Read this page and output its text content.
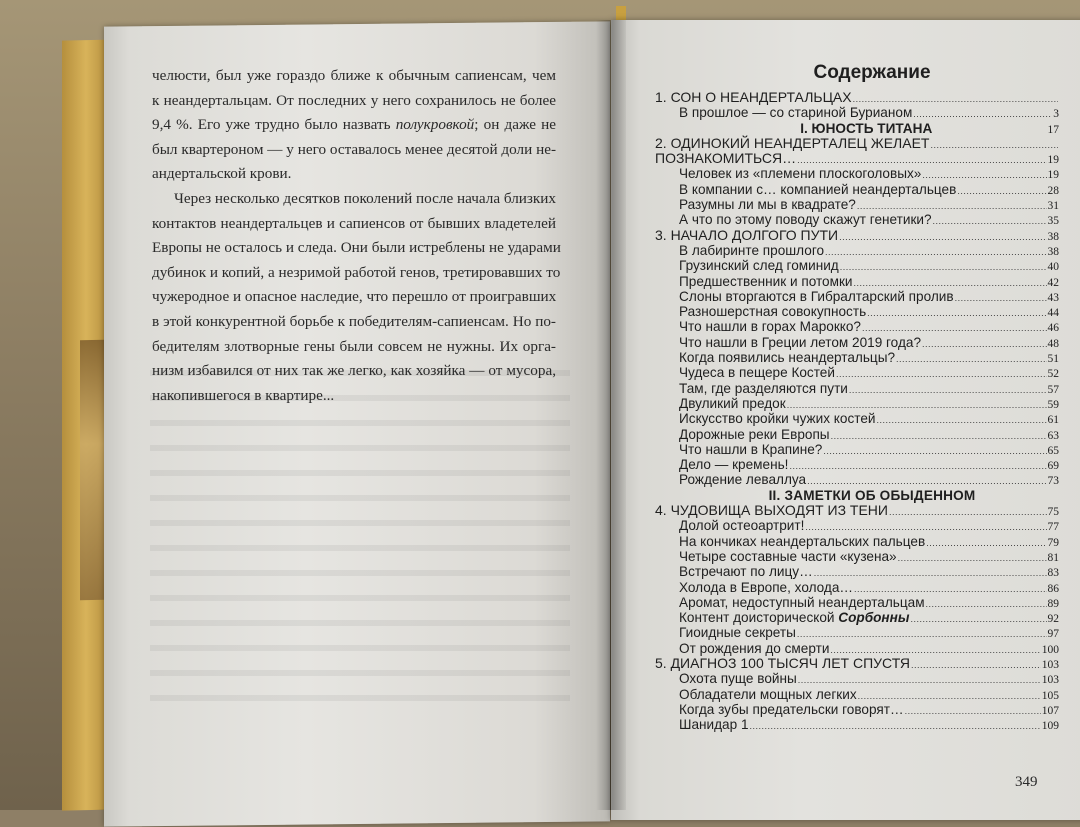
челюсти, был уже гораздо ближе к обычным сапиенсам, чем
к неандертальцам. От последних у него сохранилось не более
9,4 %. Его уже трудно было назвать полукровкой; он даже не
был квартероном — у него оставалось менее десятой доли не-
андертальской крови.
Через несколько десятков поколений после начала близких
контактов неандертальцев и сапиенсов от бывших владетелей
Европы не осталось и следа. Они были истреблены не ударами
дубинок и копий, а незримой работой генов, третировавших то
чужеродное и опасное наследие, что перешло от проигравших
в этой конкурентной борьбе к победителям-сапиенсам. Но по-
бедителям злотворные гены были совсем не нужны. Их орга-
низм избавился от них так же легко, как хозяйка — от мусора,
накопившегося в квартире...
Содержание
1. СОН О НЕАНДЕРТАЛЬЦАХ
.....
В прошлое — со стариной Бурианом .....	3
I. ЮНОСТЬ ТИТАНА	17
2. ОДИНОКИЙ НЕАНДЕРТАЛЕЦ ЖЕЛАЕТ
.....
ПОЗНАКОМИТЬСЯ… .....	19
Человек из «племени плоскоголовых» .....	19
В компании с… компанией неандертальцев .....	28
Разумны ли мы в квадрате? .....	31
А что по этому поводу скажут генетики? .....	35
3. НАЧАЛО ДОЛГОГО ПУТИ .....	38
В лабиринте прошлого .....	38
Грузинский след гоминид .....	40
Предшественник и потомки .....	42
Слоны вторгаются в Гибралтарский пролив .....	43
Разношерстная совокупность .....	44
Что нашли в горах Марокко? .....	46
Что нашли в Греции летом 2019 года? .....	48
Когда появились неандертальцы? .....	51
Чудеса в пещере Костей .....	52
Там, где разделяются пути .....	57
Двуликий предок .....	59
Искусство кройки чужих костей .....	61
Дорожные реки Европы .....	63
Что нашли в Крапине? .....	65
Дело — кремень! .....	69
Рождение леваллуа .....	73
II. ЗАМЕТКИ ОБ ОБЫДЕННОМ
4. ЧУДОВИЩА ВЫХОДЯТ ИЗ ТЕНИ .....	75
Долой остеоартрит! .....	77
На кончиках неандертальских пальцев .....	79
Четыре составные части «кузена» .....	81
Встречают по лицу… .....	83
Холода в Европе, холода… .....	86
Аромат, недоступный неандертальцам .....	89
Контент доисторической Сорбонны .....	92
Гиоидные секреты .....	97
От рождения до смерти .....	100
5. ДИАГНОЗ 100 ТЫСЯЧ ЛЕТ СПУСТЯ .....	103
Охота пуще войны .....	103
Обладатели мощных легких .....	105
Когда зубы предательски говорят… .....	107
Шанидар 1 .....	109
349
